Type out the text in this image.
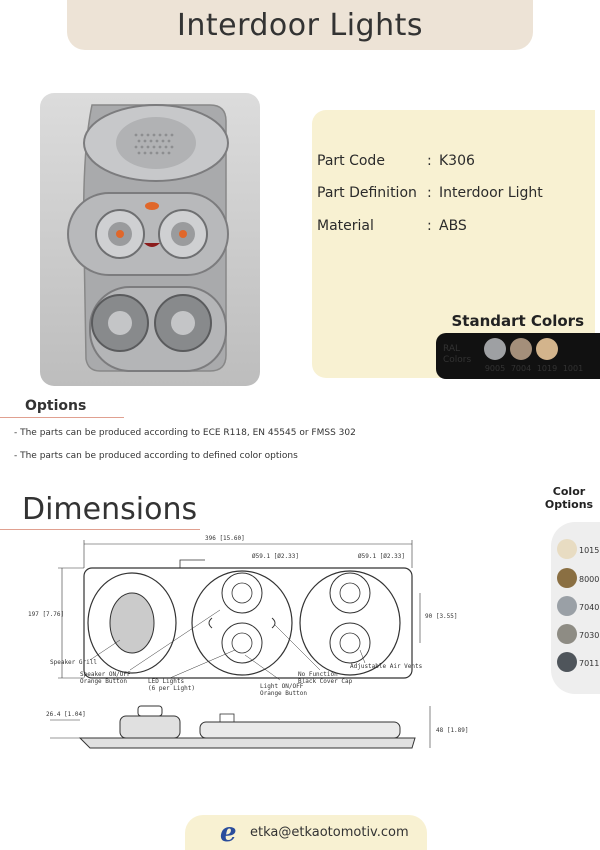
Interdoor Lights
Part Code	: K306
Part Definition : Interdoor Light
Material	: ABS
Standart Colors
RAL
Colors
9005 7004 1019 1001
Options
- The parts can be produced according to ECE R118, EN 45545 or FMSS 302
- The parts can be produced according to defined color options
Dimensions
396 [15.60]
197 [7.76]
Ø59.1 [Ø2.33]	Ø59.1 [Ø2.33]
90 [3.55]
26.4 [1.04]
48 [1.89]
Speaker Grill
Speaker ON/OFF
Orange Button	LED Lights
(6 per Light)	Light ON/OFF
Orange Button
No Function
Black Cover Cap
Adjustable Air Vents
Color
Options
1015
8000
7040
7030
7011
e etka@etkaotomotiv.com
